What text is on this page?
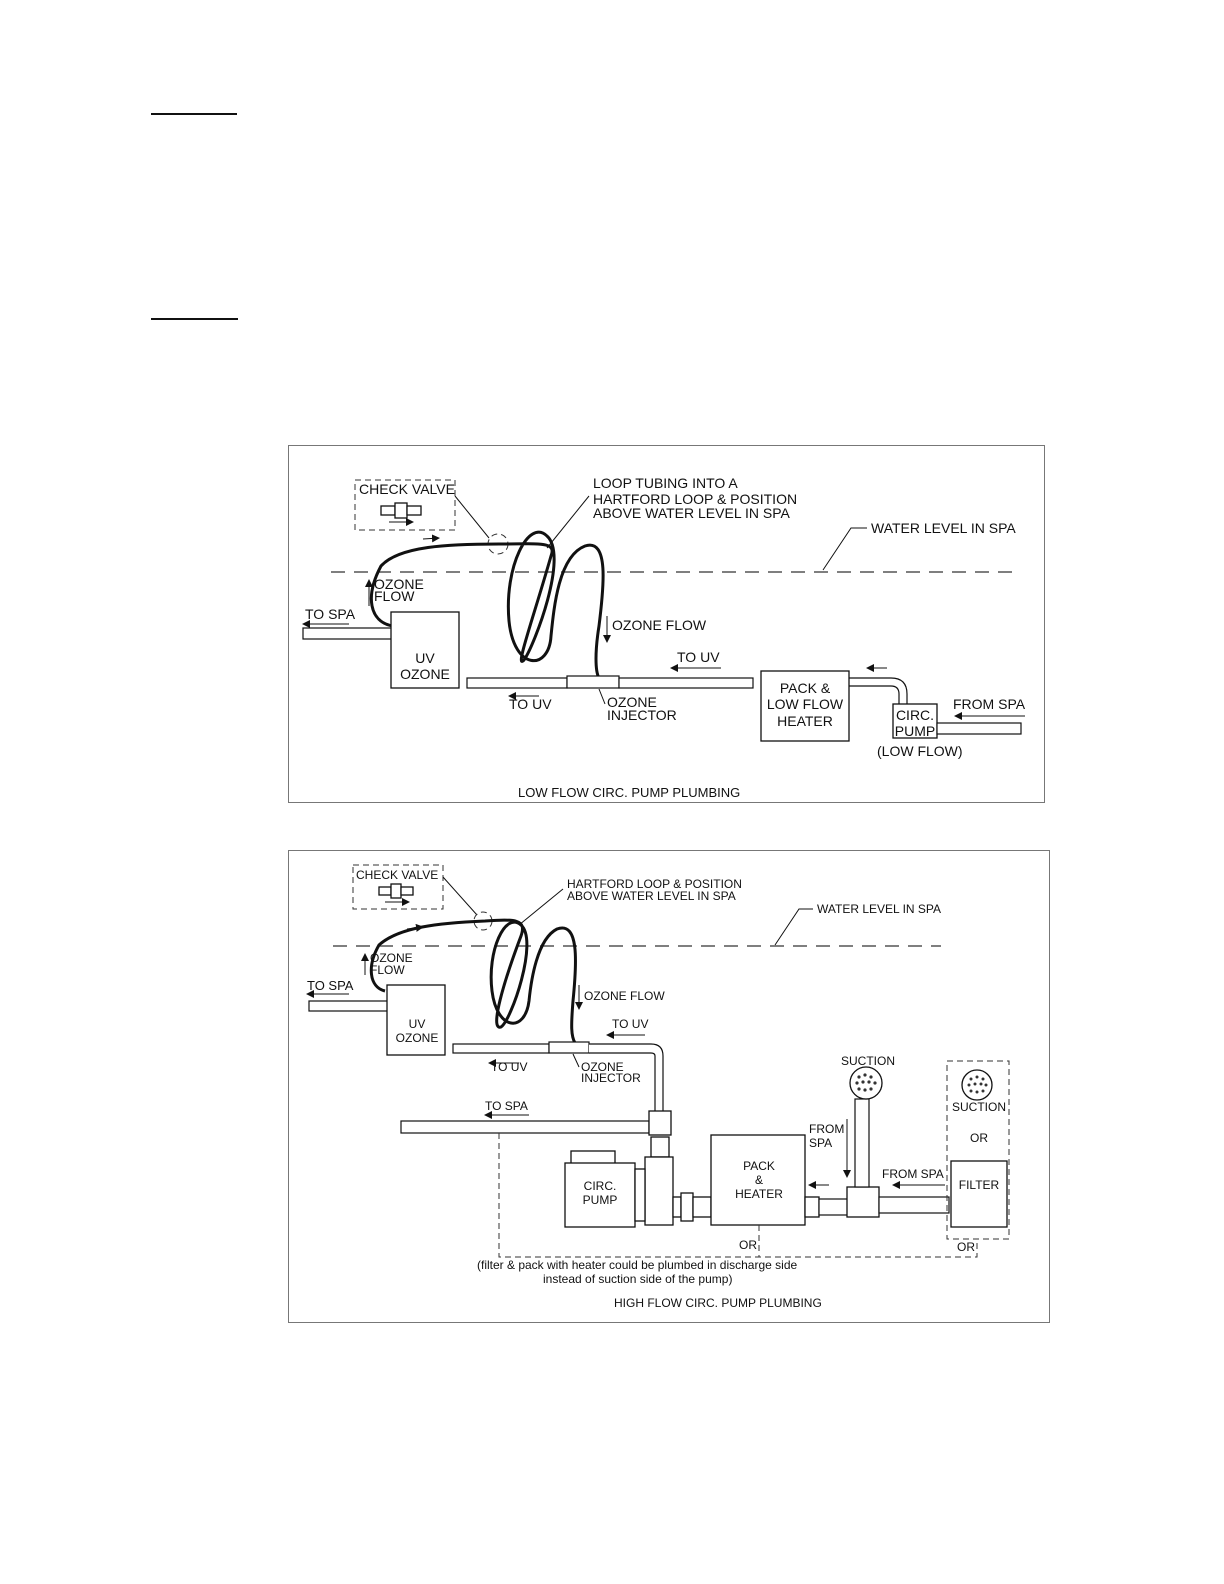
CHECK VALVE	LOOP TUBING INTO A
HARTFORD LOOP & POSITION
ABOVE WATER LEVEL IN SPA
WATER LEVEL IN SPA
OZONE
FLOW
OZONE FLOW
TO SPA
UV
OZONE
TO UV	OZONE
INJECTOR
TO UV
PACK &
LOW FLOW
HEATER	CIRC.
PUMP
(LOW FLOW)
FROM SPA
LOW FLOW CIRC. PUMP PLUMBING
CHECK VALVE
HARTFORD LOOP & POSITION
ABOVE WATER LEVEL IN SPA
WATER LEVEL IN SPA
OZONE
FLOW
OZONE FLOW
TO SPA
UV
OZONE
TO UV	OZONE
INJECTOR
TO UV
TO SPA
CIRC.
PUMP
PACK
&
HEATER
SUCTION
FROM
SPA
FROM SPA
SUCTION
OR
FILTER
OR	OR
(filter & pack with heater could be plumbed in discharge side
instead of suction side of the pump)
HIGH FLOW CIRC. PUMP PLUMBING
